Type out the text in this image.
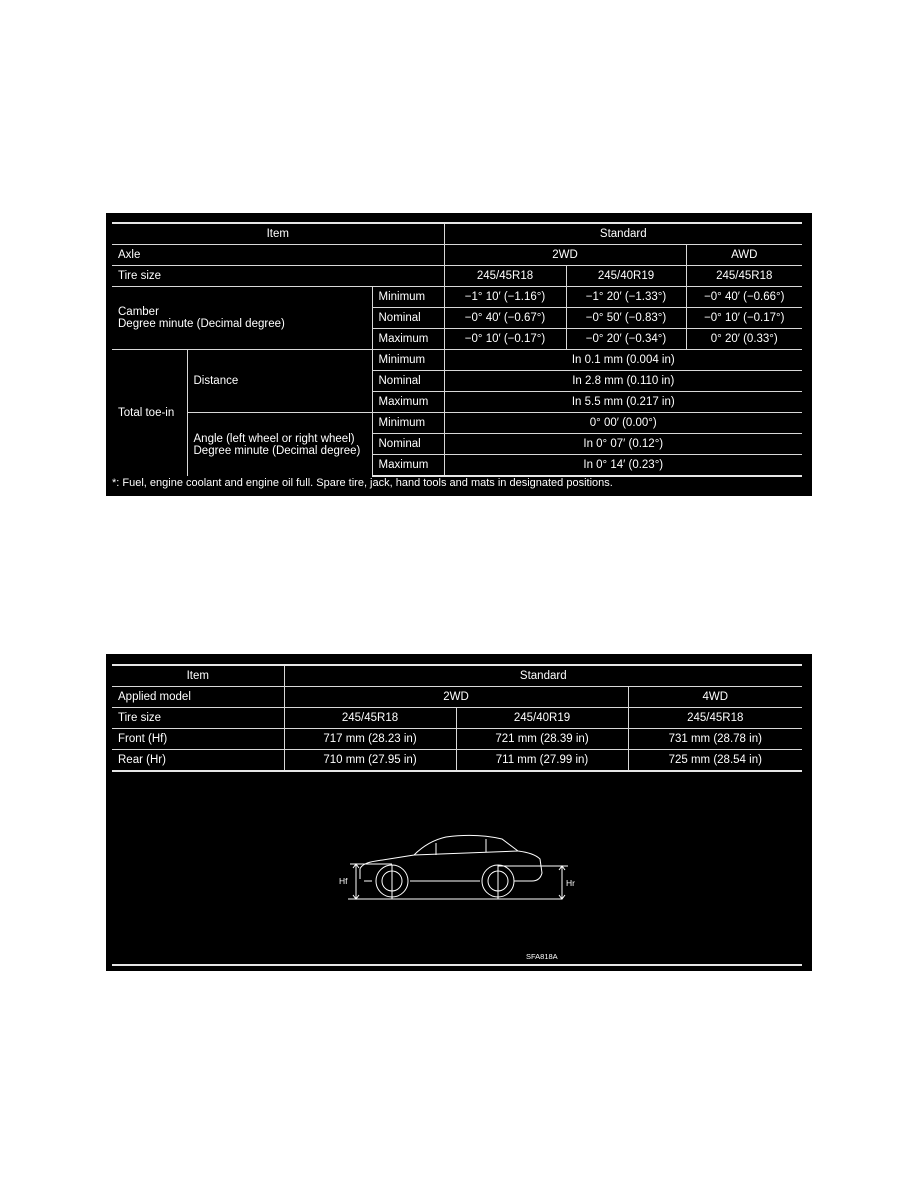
Item			Standard		
Axle			2WD		AWD
Tire size			245/45R18	245/40R19	245/45R18

Camber
Degree minute (Decimal degree)		Minimum	−1° 10′ (−1.16°)	−1° 20′ (−1.33°)	−0° 40′ (−0.66°)
		Nominal	−0° 40′ (−0.67°)	−0° 50′ (−0.83°)	−0° 10′ (−0.17°)
		Maximum	−0° 10′ (−0.17°)	−0° 20′ (−0.34°)	0° 20′ (0.33°)
Total toe-in	Distance	Minimum	In 0.1 mm (0.004 in)		
		Nominal	In 2.8 mm (0.110 in)		
		Maximum	In 5.5 mm (0.217 in)		

	Angle (left wheel or right wheel)
Degree minute (Decimal degree)	Minimum	0° 00′ (0.00°)		
		Nominal	In 0° 07′ (0.12°)		
		Maximum	In 0° 14′ (0.23°)		
*: Fuel, engine coolant and engine oil full. Spare tire, jack, hand tools and mats in designated positions.
Item	Standard		
Applied model	2WD		4WD
Tire size	245/45R18	245/40R19	245/45R18
Front (Hf)	717 mm (28.23 in)	721 mm (28.39 in)	731 mm (28.78 in)
Rear (Hr)	710 mm (27.95 in)	711 mm (27.99 in)	725 mm (28.54 in)
Hf	Hr
SFA818A
